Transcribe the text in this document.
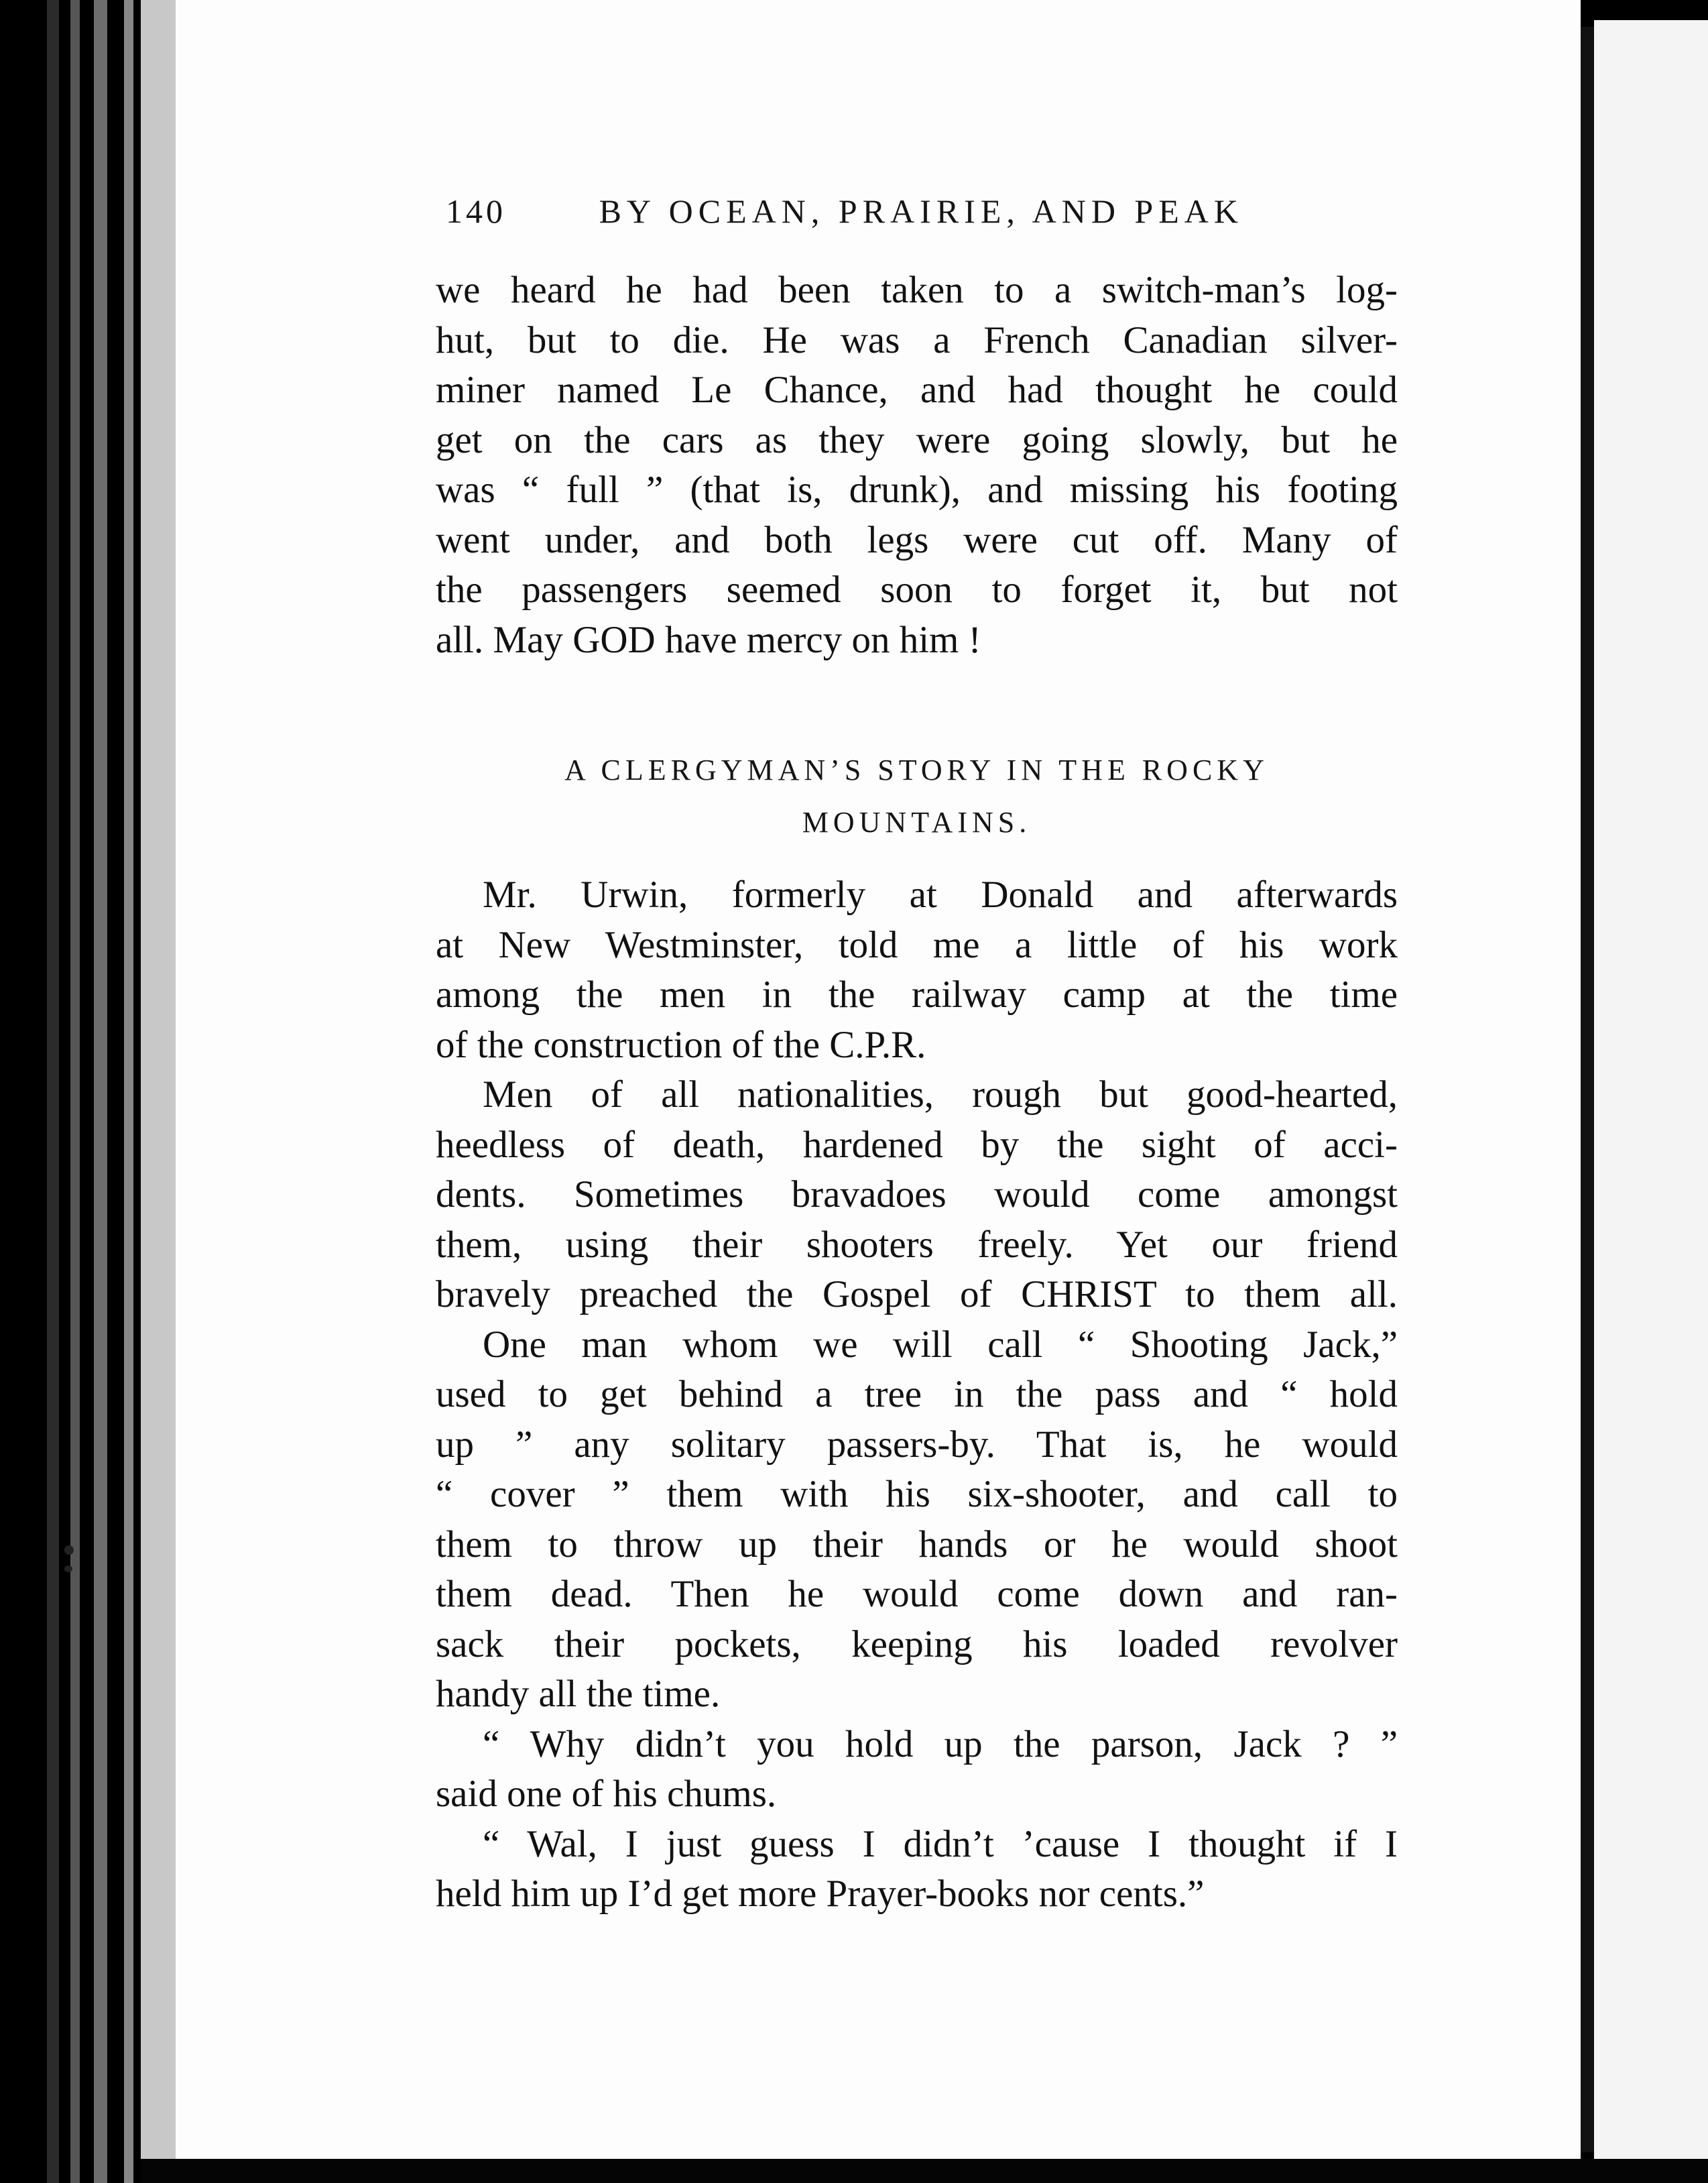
140	BY OCEAN, PRAIRIE, AND PEAK

we heard he had been taken to a switch-man’s log-

hut, but to die. He was a French Canadian silver-

miner named Le Chance, and had thought he could

get on the cars as they were going slowly, but he

was “ full ” (that is, drunk), and missing his footing

went under, and both legs were cut off. Many of

the passengers seemed soon to forget it, but not

all. May GOD have mercy on him !

A CLERGYMAN’S STORY IN THE ROCKY
MOUNTAINS.

Mr. Urwin, formerly at Donald and afterwards

at New Westminster, told me a little of his work

among the men in the railway camp at the time

of the construction of the C.P.R.

Men of all nationalities, rough but good-hearted,

heedless of death, hardened by the sight of acci-

dents. Sometimes bravadoes would come amongst

them, using their shooters freely. Yet our friend

bravely preached the Gospel of CHRIST to them all.

One man whom we will call “ Shooting Jack,”

used to get behind a tree in the pass and “ hold

up ” any solitary passers-by. That is, he would

“ cover ” them with his six-shooter, and call to

them to throw up their hands or he would shoot

them dead. Then he would come down and ran-

sack their pockets, keeping his loaded revolver

handy all the time.

“ Why didn’t you hold up the parson, Jack ? ”

said one of his chums.

“ Wal, I just guess I didn’t ’cause I thought if I

held him up I’d get more Prayer-books nor cents.”
